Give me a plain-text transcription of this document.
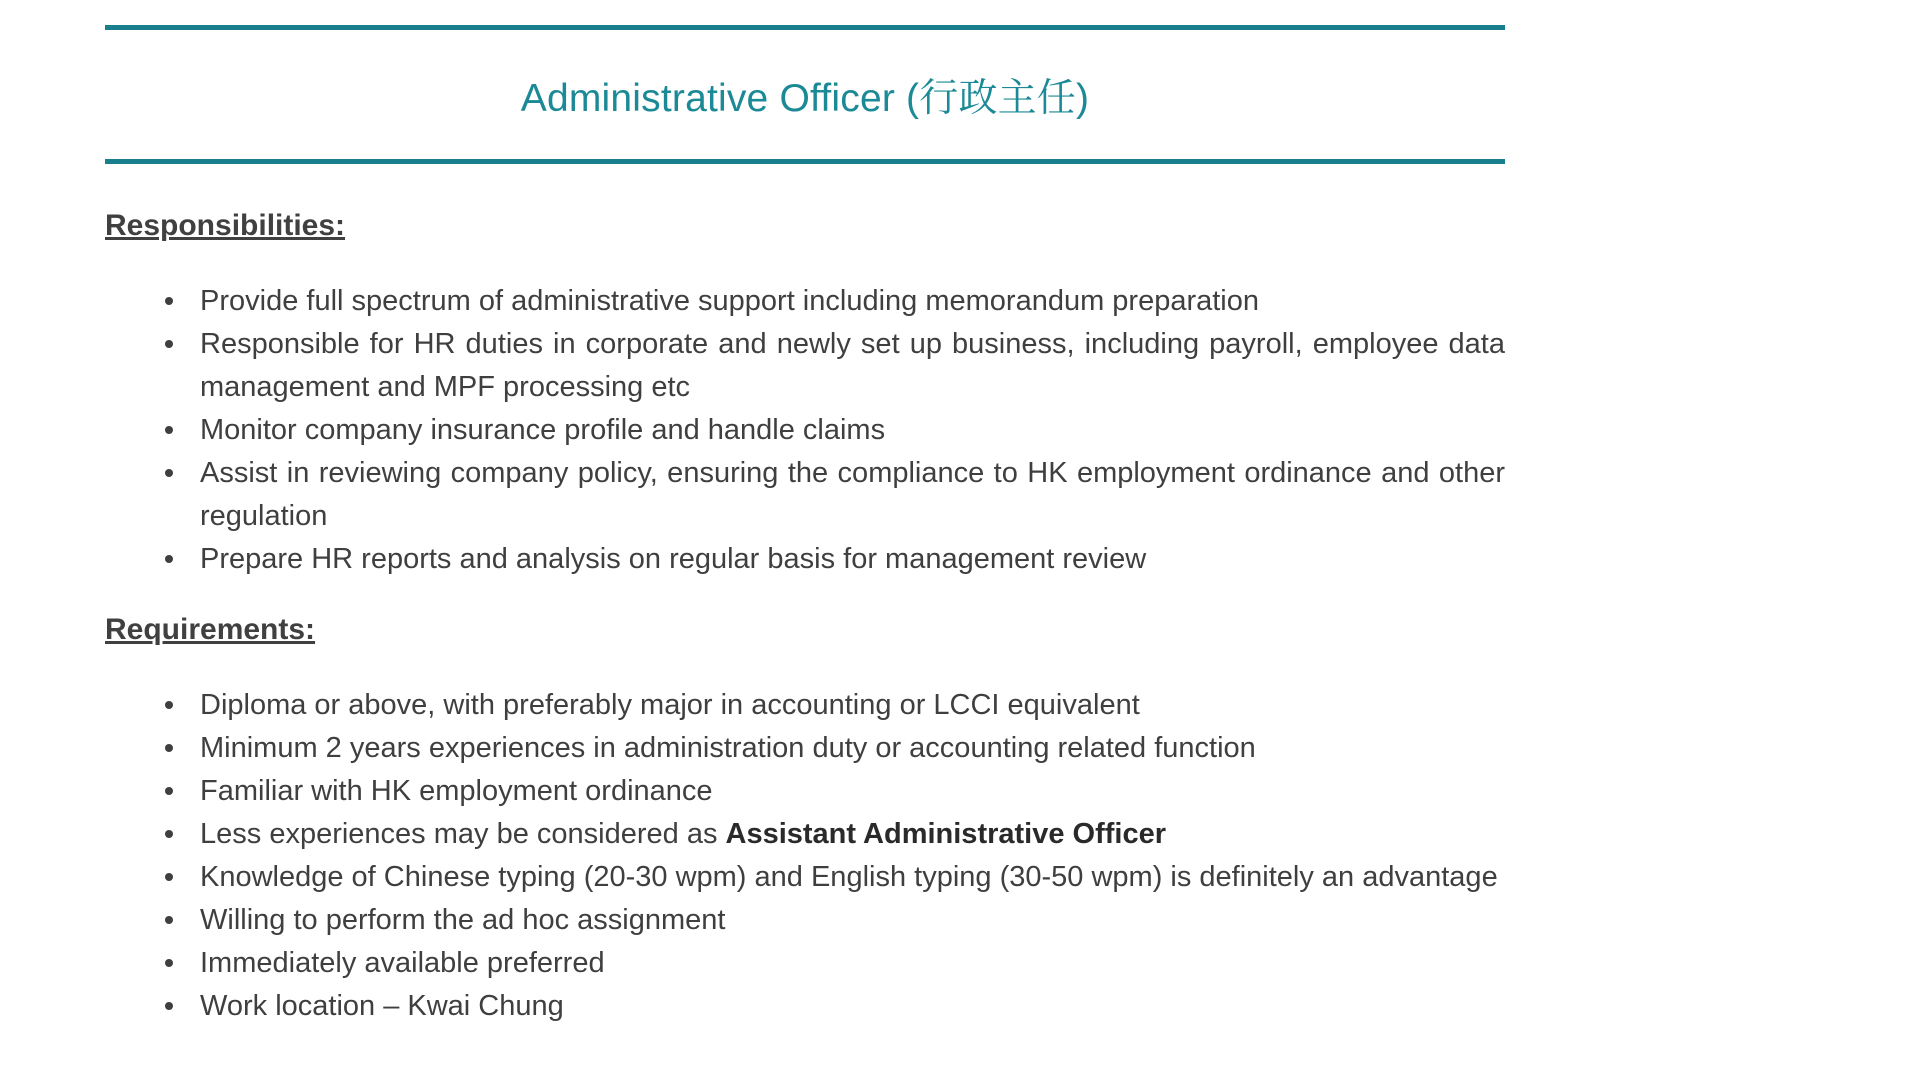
Administrative Officer (行政主任)
Responsibilities:
Provide full spectrum of administrative support including memorandum preparation
Responsible for HR duties in corporate and newly set up business, including payroll, employee data management and MPF processing etc
Monitor company insurance profile and handle claims
Assist in reviewing company policy, ensuring the compliance to HK employment ordinance and other regulation
Prepare HR reports and analysis on regular basis for management review
Requirements:
Diploma or above, with preferably major in accounting or LCCI equivalent
Minimum 2 years experiences in administration duty or accounting related function
Familiar with HK employment ordinance
Less experiences may be considered as Assistant Administrative Officer
Knowledge of Chinese typing (20-30 wpm) and English typing (30-50 wpm) is definitely an advantage
Willing to perform the ad hoc assignment
Immediately available preferred
Work location – Kwai Chung
